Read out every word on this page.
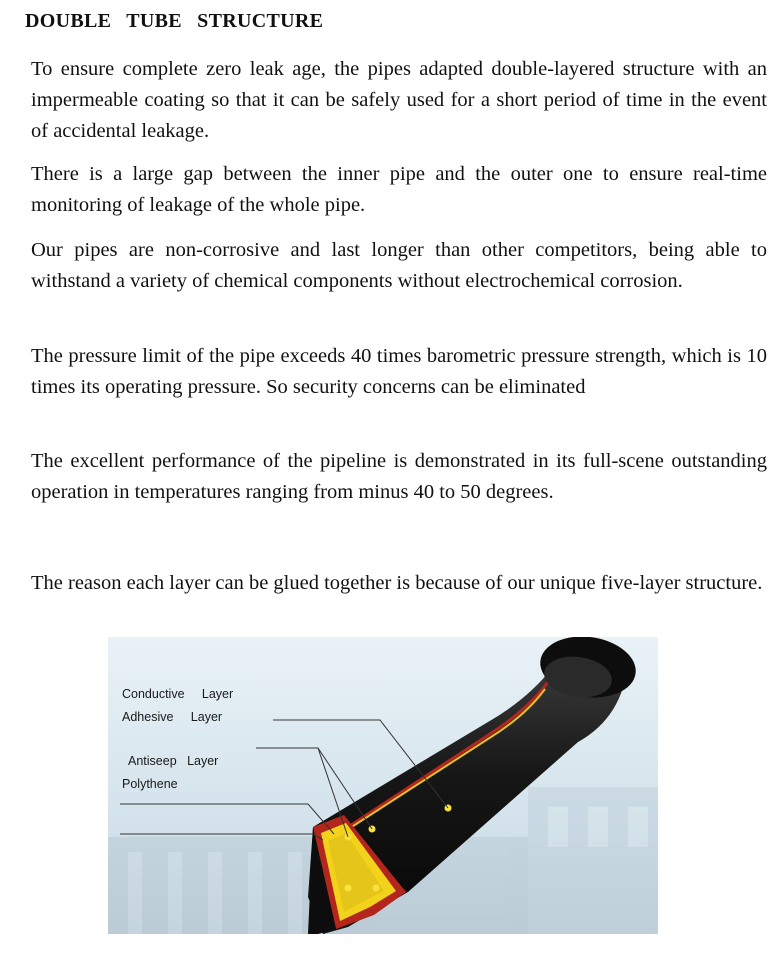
DOUBLE TUBE STRUCTURE

To ensure complete zero leak age, the pipes adapted double-layered structure with an impermeable coating so that it can be safely used for a short period of time in the event of accidental leakage.

There is a large gap between the inner pipe and the outer one to ensure real-time monitoring of leakage of the whole pipe.

Our pipes are non-corrosive and last longer than other competitors, being able to withstand a variety of chemical components without electrochemical corrosion.

The pressure limit of the pipe exceeds 40 times barometric pressure strength, which is 10 times its operating pressure. So security concerns can be eliminated

The excellent performance of the pipeline is demonstrated in its full-scene outstanding operation in temperatures ranging from minus 40 to 50 degrees.

The reason each layer can be glued together is because of our unique five-layer structure.

Conductive     Layer
Adhesive     Layer
Antiseep   Layer
Polythene
